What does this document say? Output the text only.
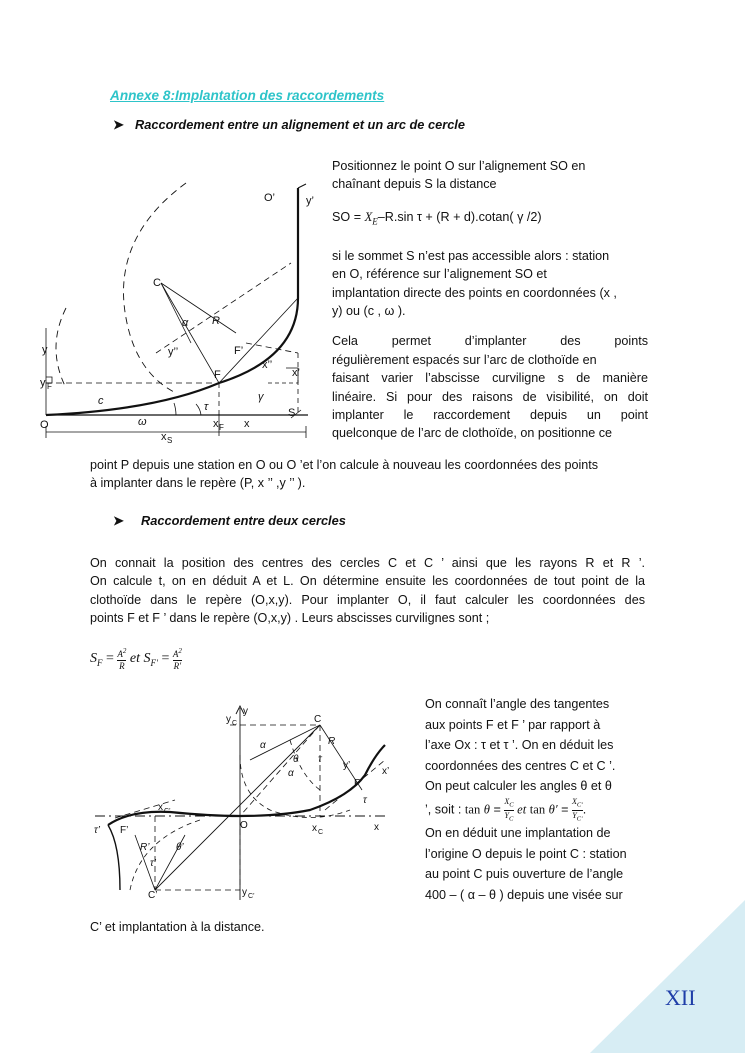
Annexe 8:Implantation des raccordements
➤ Raccordement entre un alignement et un arc de cercle
Positionnez le point O sur l’alignement SO en
chaînant depuis S la distance
SO = $X_E-R.\sin$ τ + (R + d).cotan( γ /2)
si le sommet S n’est pas accessible alors : station
en O, référence sur l’alignement SO et
implantation directe des points en coordonnées (x ,
y) ou (c , ω ).
Cela permet d’implanter des points
régulièrement espacés sur l’arc de clothoïde en
faisant varier l’abscisse curviligne s de manière
linéaire. Si pour des raisons de visibilité, on doit
implanter le raccordement depuis un point
quelconque de l’arc de clothoïde, on positionne ce
point P depuis une station en O ou O ’et l’on calcule à nouveau les coordonnées des points
à implanter dans le repère (P, x ’’ ,y ’’ ).
O’	y’
C
α R
y’’	F’
x’’
x’
y
F
y F
c	τ
γ
S
O	ω	x F x
x S
➤ Raccordement entre deux cercles
On connait la position des centres des cercles C et C ’ ainsi que les rayons R et R ’.
On calcule t, on en déduit A et L. On détermine ensuite les coordonnées de tout point de la
clothoïde dans le repère (O,x,y). Pour implanter O, il faut calculer les coordonnées des
points F et F ’ dans le repère (O,x,y) . Leurs abscisses curvilignes sont ;
$S_F = \frac{A^2}{R}$ et $S_{F'} = \frac{A^2}{R'}$
On connaît l’angle des tangentes
aux points F et F ’ par rapport à
l’axe Ox : τ et τ ’. On en déduit les
coordonnées des centres C et C ’.
On peut calculer les angles θ et θ
’, soit : $\tan \theta = \frac{X_C}{Y_C}$ et $\tan \theta' = \frac{X_{C'}}{Y_{C'}}$ .
On en déduit une implantation de
l’origine O depuis le point C : station
au point C puis ouverture de l’angle
400 – ( α – θ ) depuis une visée sur
C’ et implantation à la distance.
y
y C	C
α
θ
α
R
τ
y’
x’
F
τ
x C	x
O
x C’
τ’ F’
R’	θ’
τ’
C’	y C’
XII
